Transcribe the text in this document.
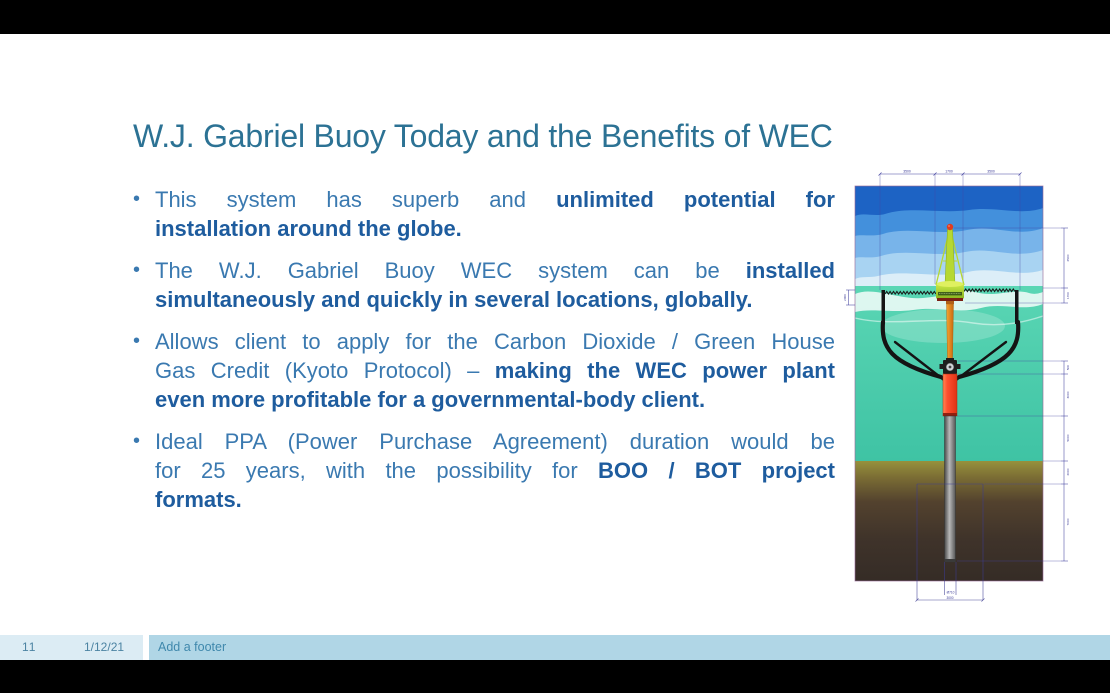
W.J. Gabriel Buoy Today and the Benefits of WEC
• This system has superb and unlimited potential for
installation around the globe.
• The W.J. Gabriel Buoy WEC system can be installed
simultaneously and quickly in several locations, globally.
• Allows client to apply for the Carbon Dioxide / Green House
Gas Credit (Kyoto Protocol) – making the WEC power plant
even more profitable for a governmental-body client.
• Ideal PPA (Power Purchase Agreement) duration would be
for 25 years, with the possibility for BOO / BOT project
formats.
Ø710
3000
3500	1700	3500
2500
1700
500
3000
5000
2000
7000
2000
11	1/12/21	Add a footer
